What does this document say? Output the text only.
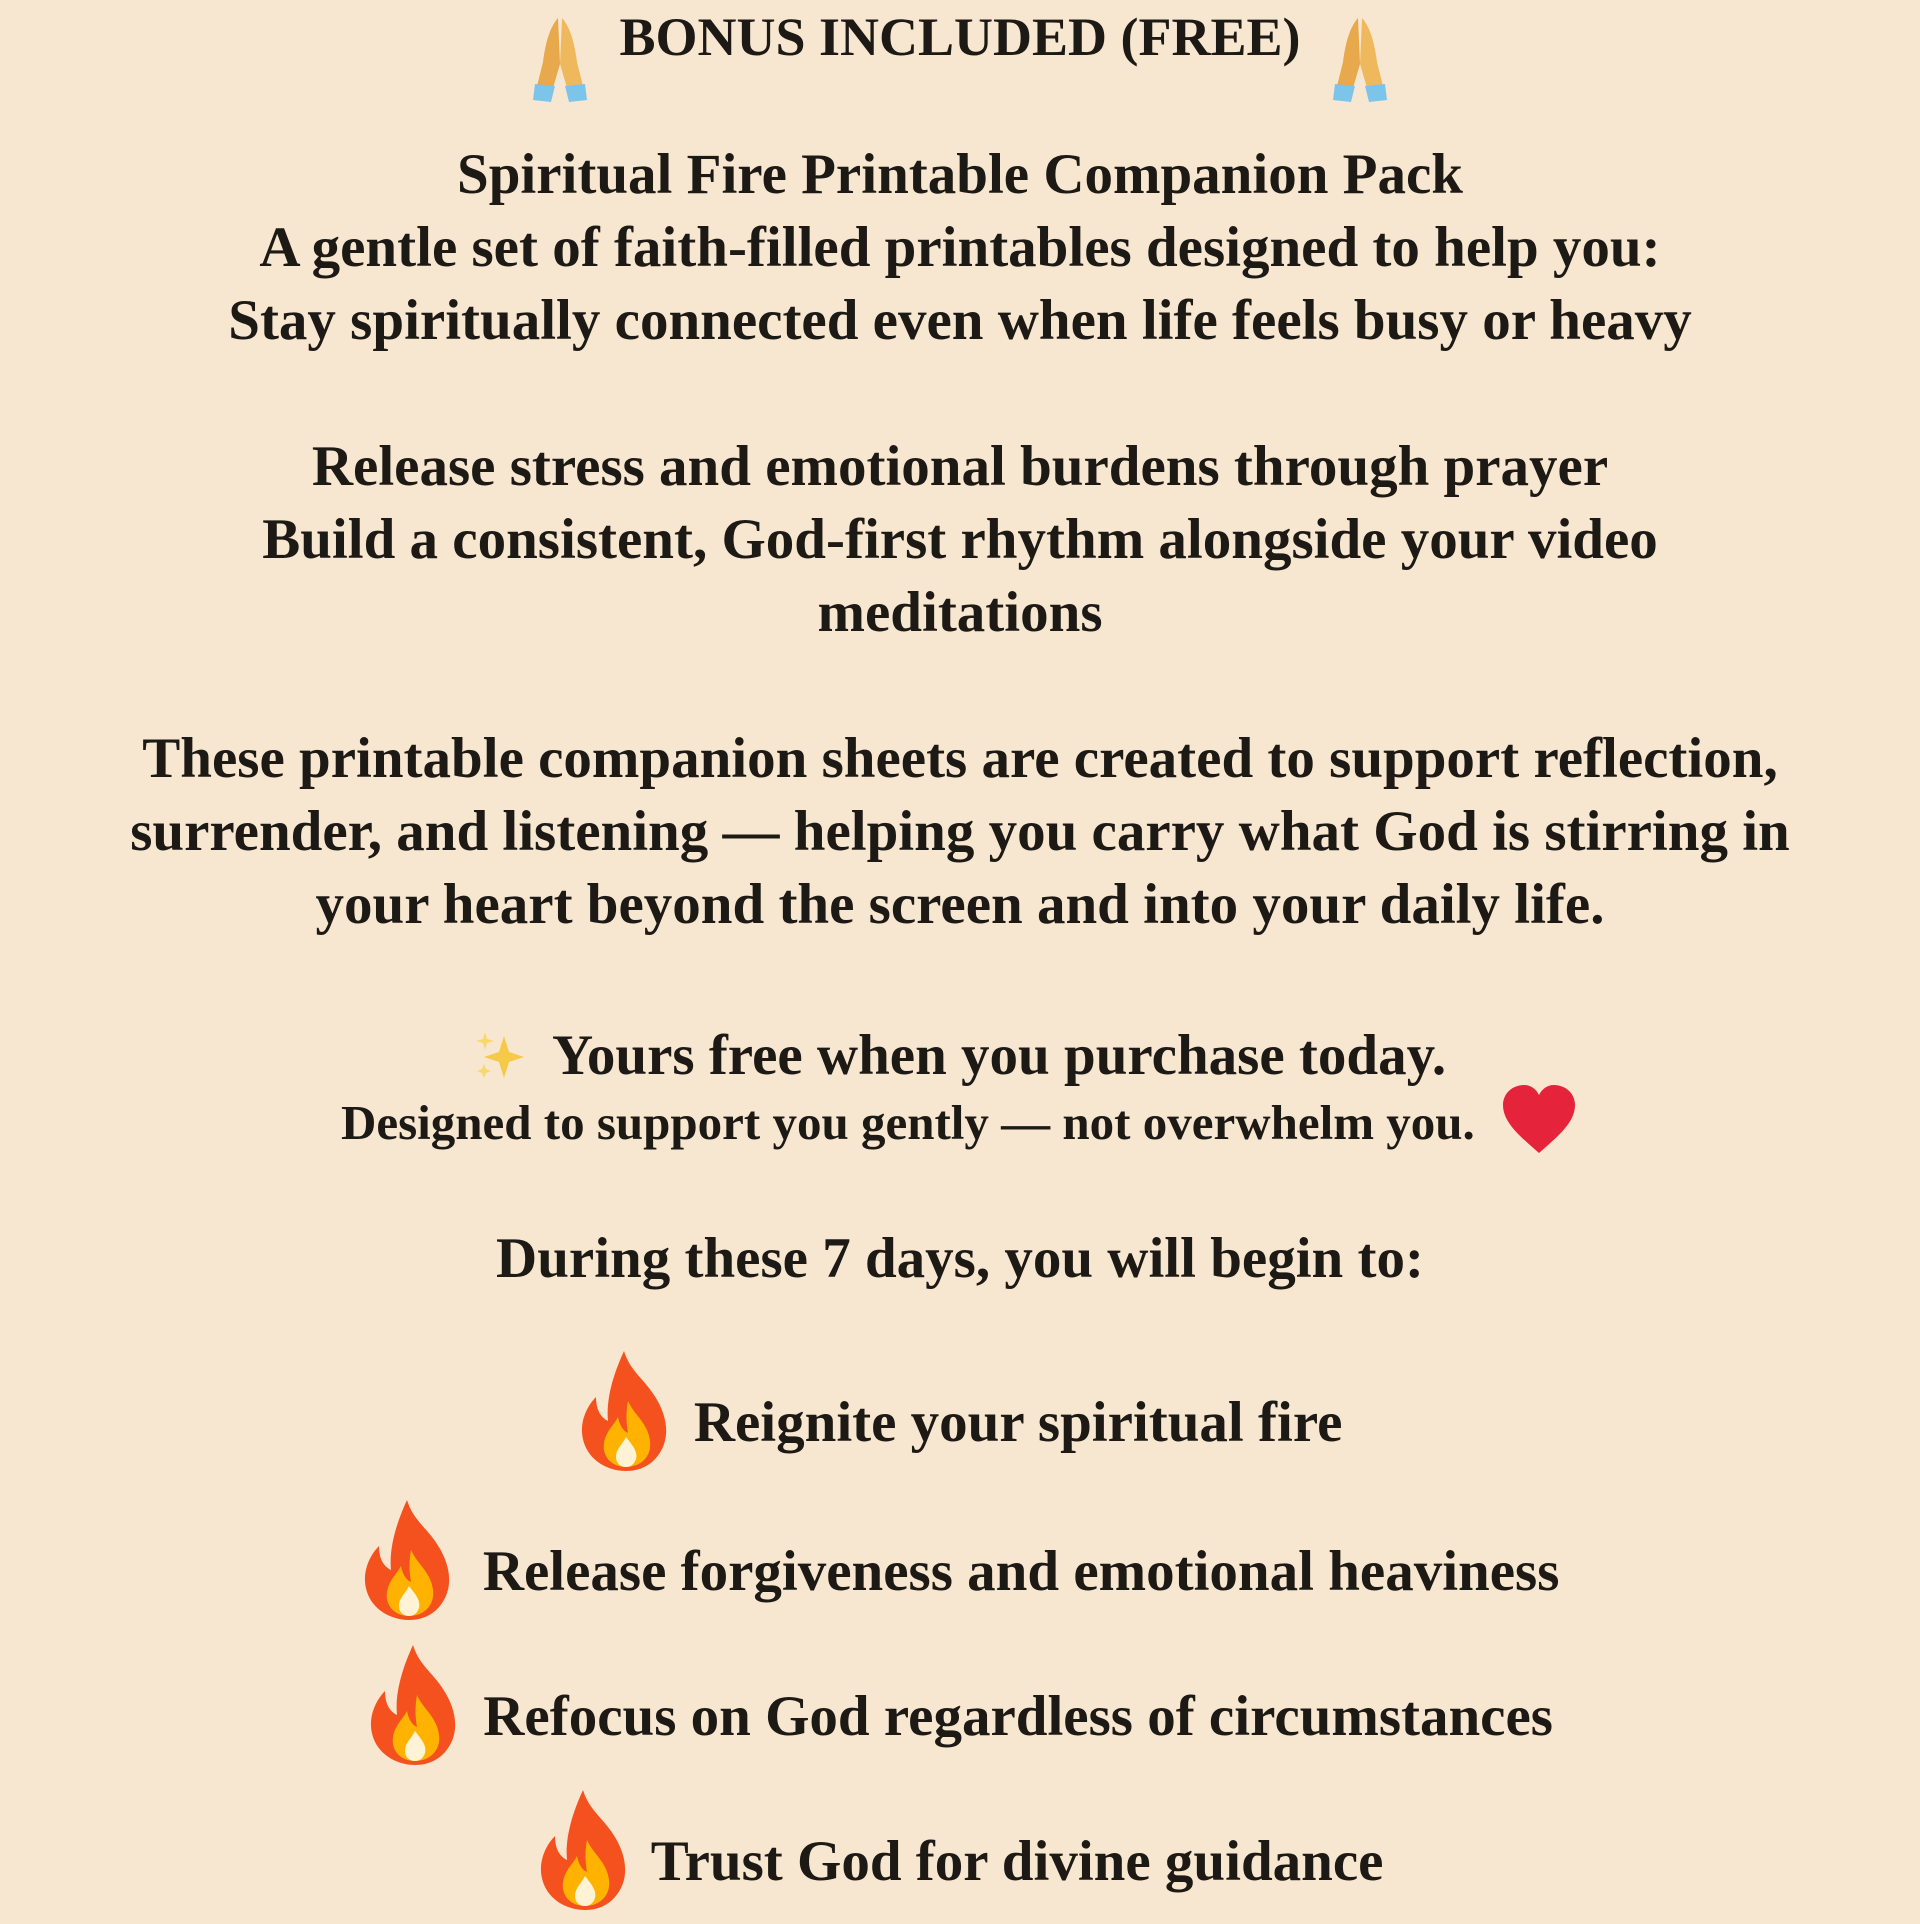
BONUS INCLUDED (FREE)
Spiritual Fire Printable Companion Pack
A gentle set of faith-filled printables designed to help you:
Stay spiritually connected even when life feels busy or heavy
Release stress and emotional burdens through prayer
Build a consistent, God-first rhythm alongside your video
meditations
These printable companion sheets are created to support reflection,
surrender, and listening — helping you carry what God is stirring in
your heart beyond the screen and into your daily life.
Yours free when you purchase today.
Designed to support you gently — not overwhelm you.
During these 7 days, you will begin to:
Reignite your spiritual fire
Release forgiveness and emotional heaviness
Refocus on God regardless of circumstances
Trust God for divine guidance
